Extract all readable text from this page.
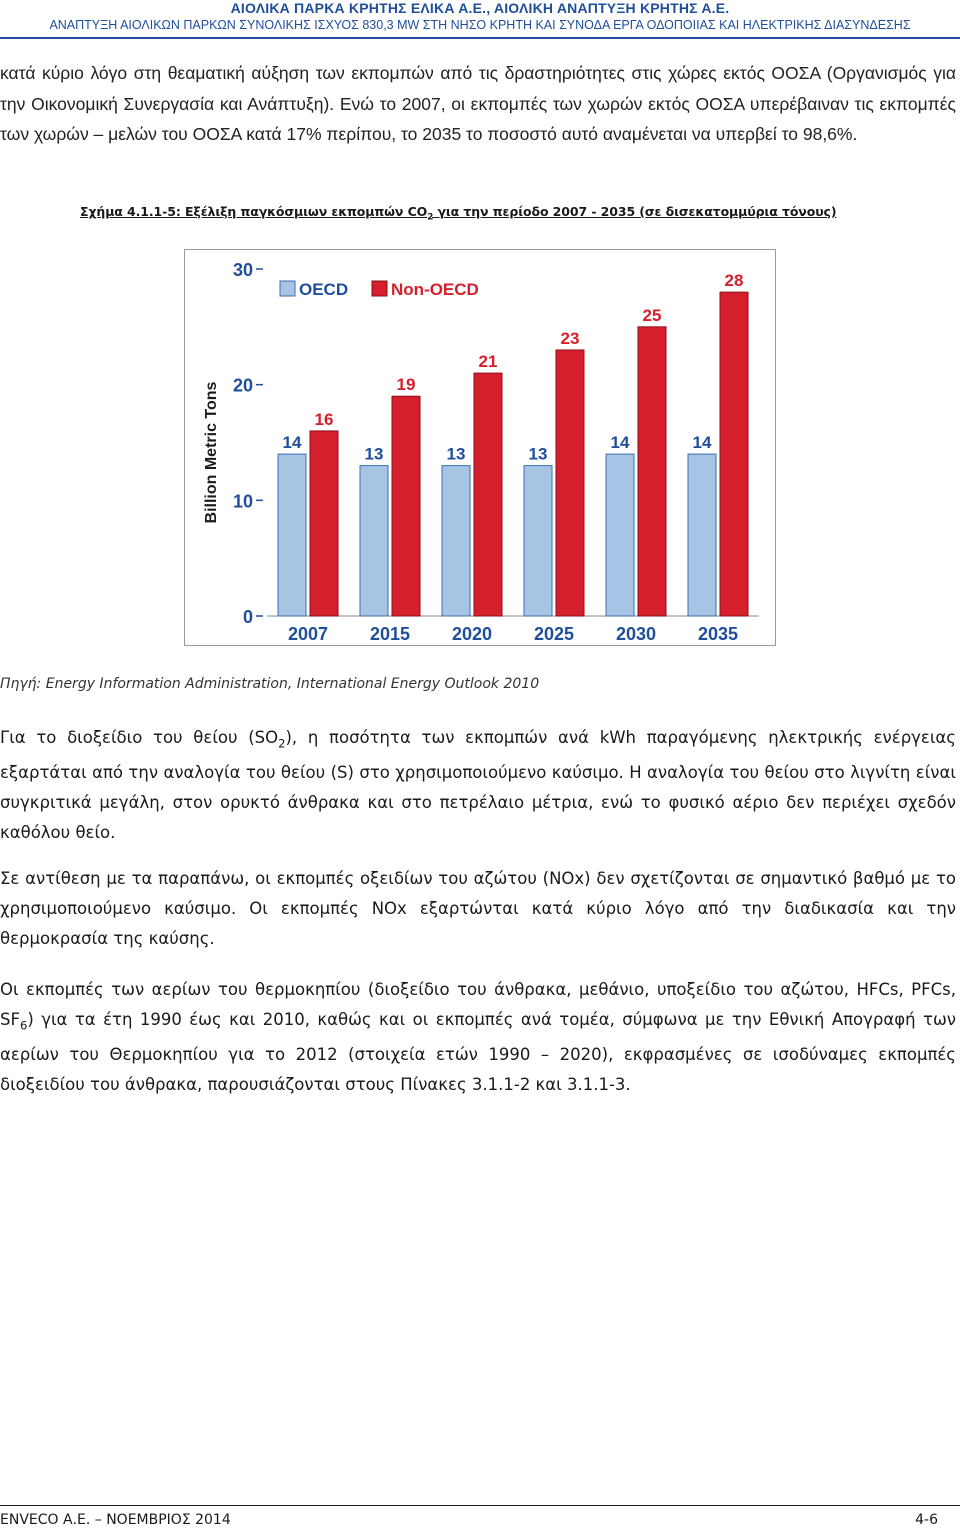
ΑΙΟΛΙΚΑ ΠΑΡΚΑ ΚΡΗΤΗΣ ΕΛΙΚΑ Α.Ε., ΑΙΟΛΙΚΗ ΑΝΑΠΤΥΞΗ ΚΡΗΤΗΣ Α.Ε.
ΑΝΑΠΤΥΞΗ ΑΙΟΛΙΚΩΝ ΠΑΡΚΩΝ ΣΥΝΟΛΙΚΗΣ ΙΣΧΥΟΣ 830,3 MW ΣΤΗ ΝΗΣΟ ΚΡΗΤΗ ΚΑΙ ΣΥΝΟΔΑ ΕΡΓΑ ΟΔΟΠΟΙΙΑΣ ΚΑΙ ΗΛΕΚΤΡΙΚΗΣ ΔΙΑΣΥΝΔΕΣΗΣ
κατά κύριο λόγο στη θεαματική αύξηση των εκπομπών από τις δραστηριότητες στις χώρες εκτός ΟΟΣΑ (Οργανισμός για την Οικονομική Συνεργασία και Ανάπτυξη). Ενώ το 2007, οι εκπομπές των χωρών εκτός ΟΟΣΑ υπερέβαιναν τις εκπομπές των χωρών – μελών του ΟΟΣΑ κατά 17% περίπου, το 2035 το ποσοστό αυτό αναμένεται να υπερβεί το 98,6%.
Σχήμα 4.1.1-5: Εξέλιξη παγκόσμιων εκπομπών $CO_2$ για την περίοδο 2007 - 2035 (σε δισεκατομμύρια τόνους)
Billion Metric Tons
0
10
20
30
14
16
2007
13
19
2015
13
21
2020
13
23
2025
14
25
2030
14
28
2035
OECD	Non-OECD
Πηγή: Energy Information Administration, International Energy Outlook 2010
Για το διοξείδιο του θείου $(SO_2)$, η ποσότητα των εκπομπών ανά kWh παραγόμενης ηλεκτρικής ενέργειας εξαρτάται από την αναλογία του θείου (S) στο χρησιμοποιούμενο καύσιμο. Η αναλογία του θείου στο λιγνίτη είναι συγκριτικά μεγάλη, στον ορυκτό άνθρακα και στο πετρέλαιο μέτρια, ενώ το φυσικό αέριο δεν περιέχει σχεδόν καθόλου θείο.
Σε αντίθεση με τα παραπάνω, οι εκπομπές οξειδίων του αζώτου (NOx) δεν σχετίζονται σε σημαντικό βαθμό με το χρησιμοποιούμενο καύσιμο. Οι εκπομπές NOx εξαρτώνται κατά κύριο λόγο από την διαδικασία και την θερμοκρασία της καύσης.
Οι εκπομπές των αερίων του θερμοκηπίου (διοξείδιο του άνθρακα, μεθάνιο, υποξείδιο του αζώτου, HFCs, PFCs, $SF_6$) για τα έτη 1990 έως και 2010, καθώς και οι εκπομπές ανά τομέα, σύμφωνα με την Εθνική Απογραφή των αερίων του Θερμοκηπίου για το 2012 (στοιχεία ετών 1990 – 2020), εκφρασμένες σε ισοδύναμες εκπομπές διοξειδίου του άνθρακα, παρουσιάζονται στους Πίνακες 3.1.1-2 και 3.1.1-3.
ENVECO Α.Ε. – ΝΟΕΜΒΡΙΟΣ 2014	4-6
